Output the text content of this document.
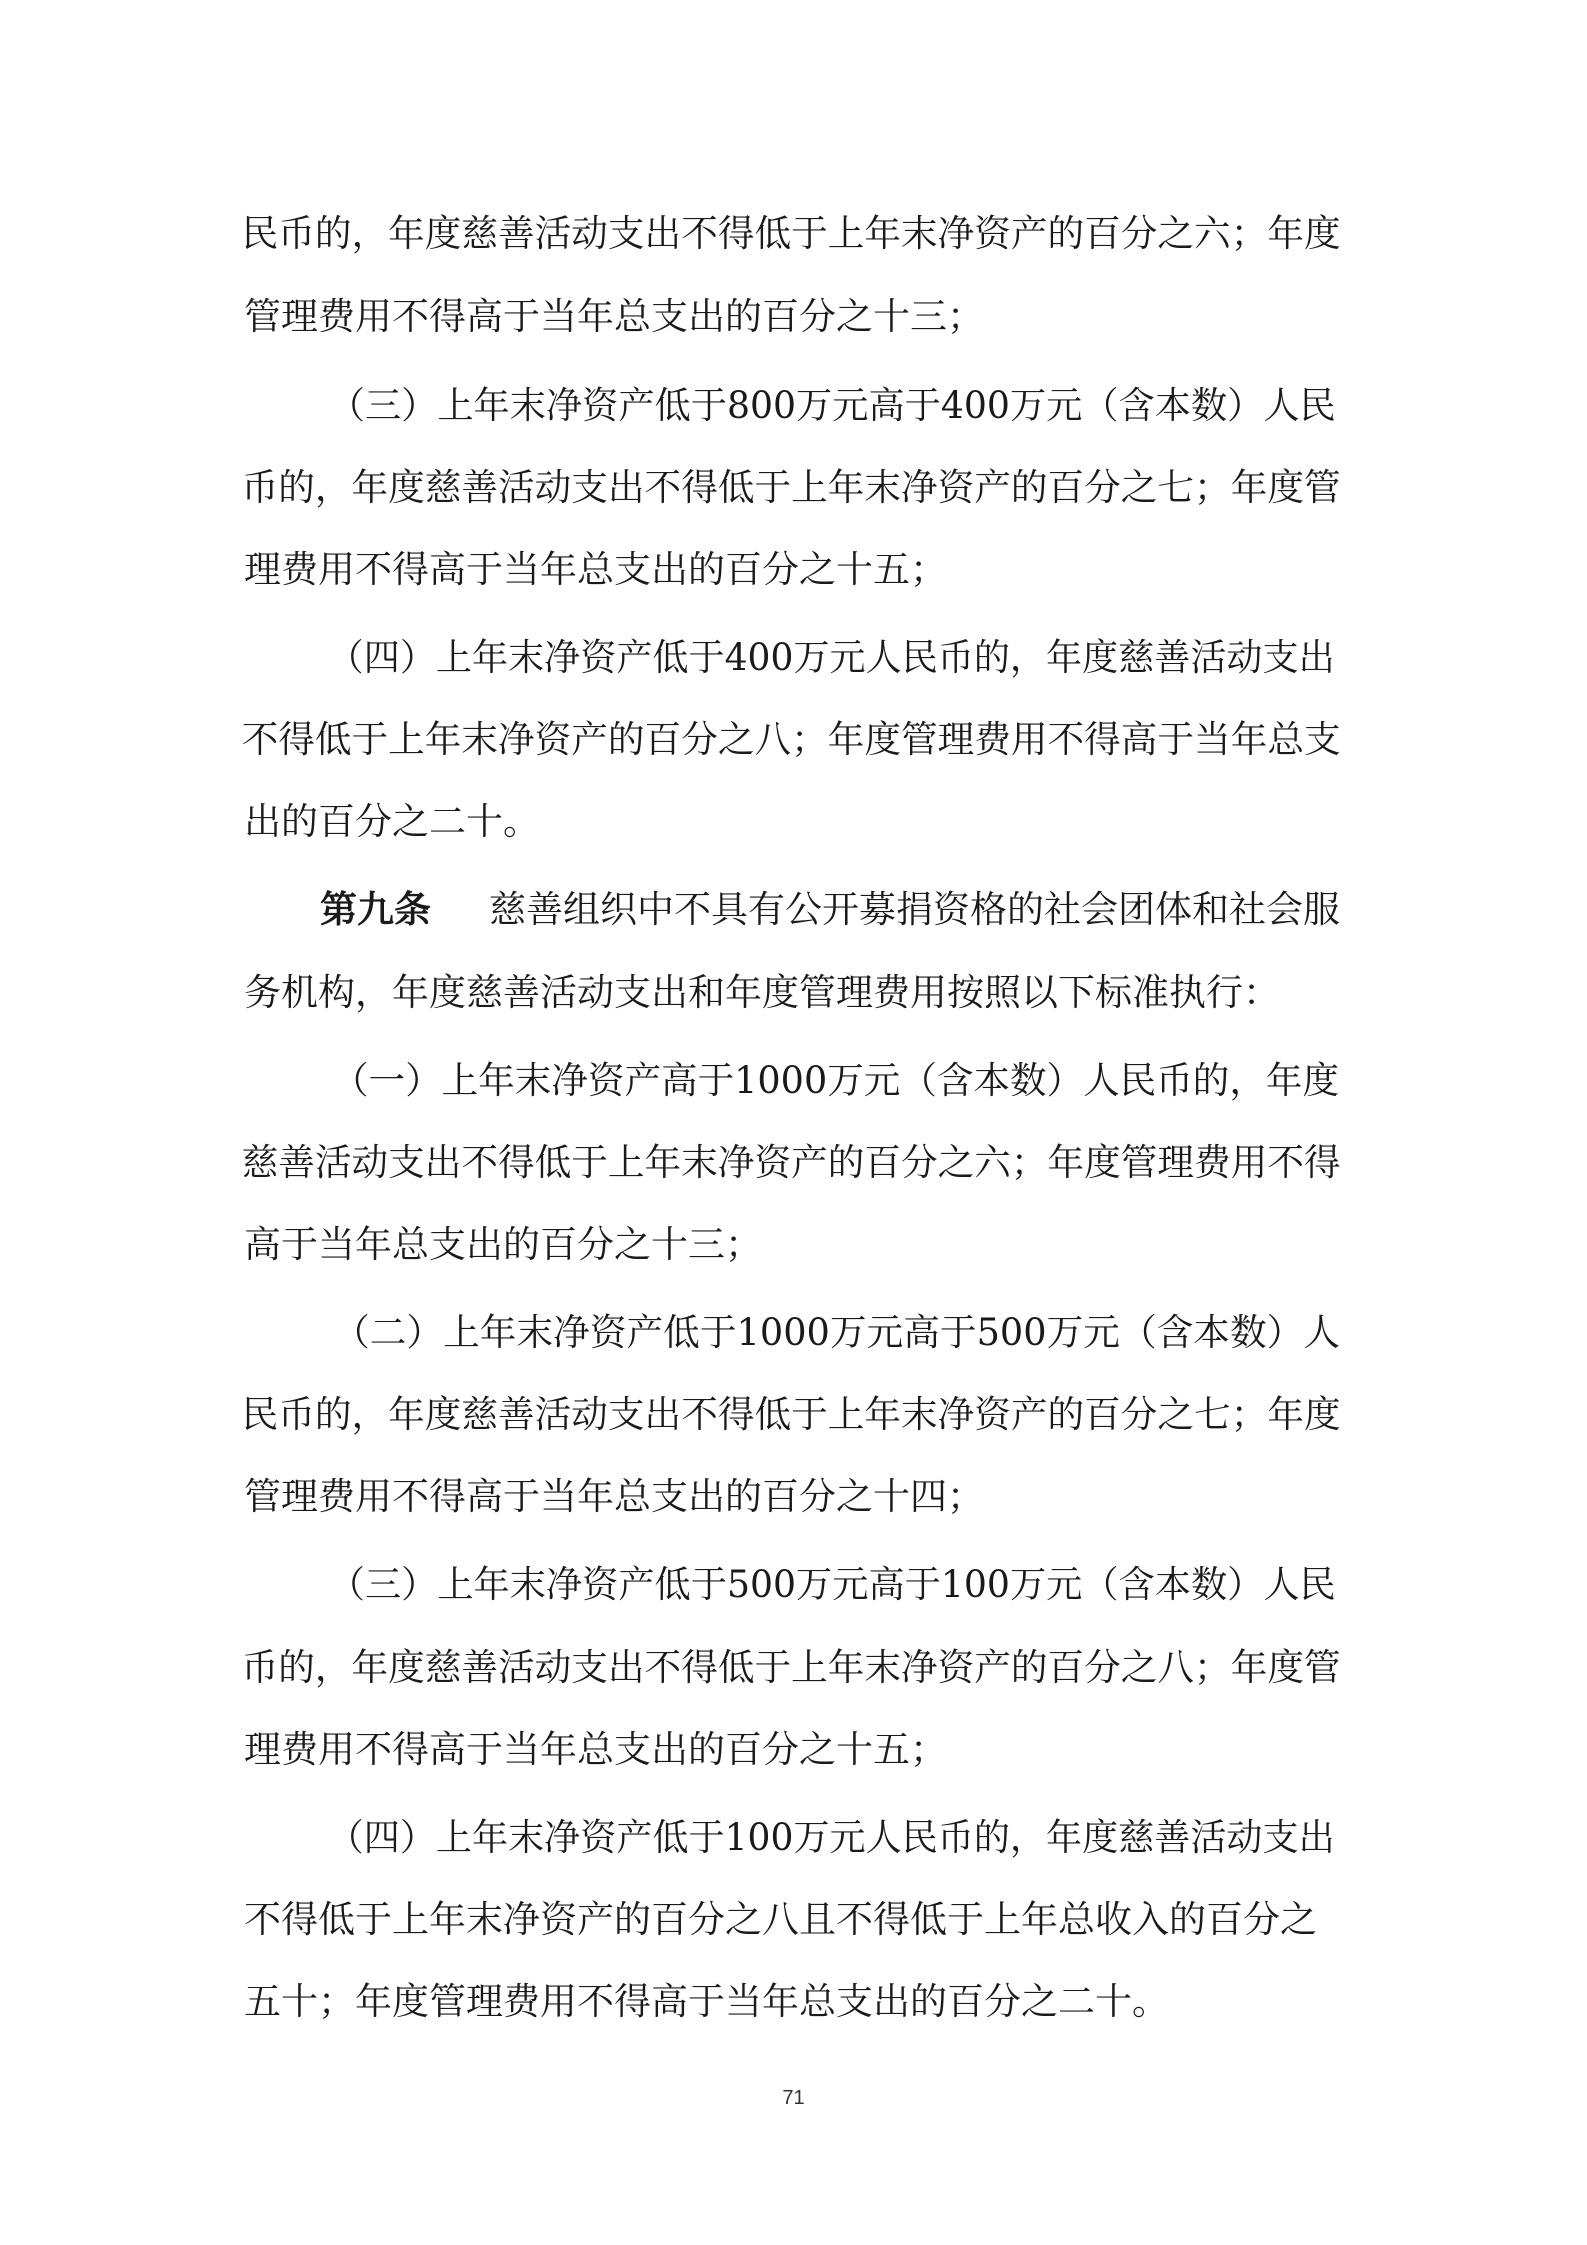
民币的，年度慈善活动支出不得低于上年末净资产的百分之六；年度
管理费用不得高于当年总支出的百分之十三；
（三）上年末净资产低于800万元高于400万元（含本数）人民
币的，年度慈善活动支出不得低于上年末净资产的百分之七；年度管
理费用不得高于当年总支出的百分之十五；
（四）上年末净资产低于400万元人民币的，年度慈善活动支出
不得低于上年末净资产的百分之八；年度管理费用不得高于当年总支
出的百分之二十。
第九条 慈善组织中不具有公开募捐资格的社会团体和社会服
务机构，年度慈善活动支出和年度管理费用按照以下标准执行：
（一）上年末净资产高于1000万元（含本数）人民币的，年度
慈善活动支出不得低于上年末净资产的百分之六；年度管理费用不得
高于当年总支出的百分之十三；
（二）上年末净资产低于1000万元高于500万元（含本数）人
民币的，年度慈善活动支出不得低于上年末净资产的百分之七；年度
管理费用不得高于当年总支出的百分之十四；
（三）上年末净资产低于500万元高于100万元（含本数）人民
币的，年度慈善活动支出不得低于上年末净资产的百分之八；年度管
理费用不得高于当年总支出的百分之十五；
（四）上年末净资产低于100万元人民币的，年度慈善活动支出
不得低于上年末净资产的百分之八且不得低于上年总收入的百分之
五十；年度管理费用不得高于当年总支出的百分之二十。
71
